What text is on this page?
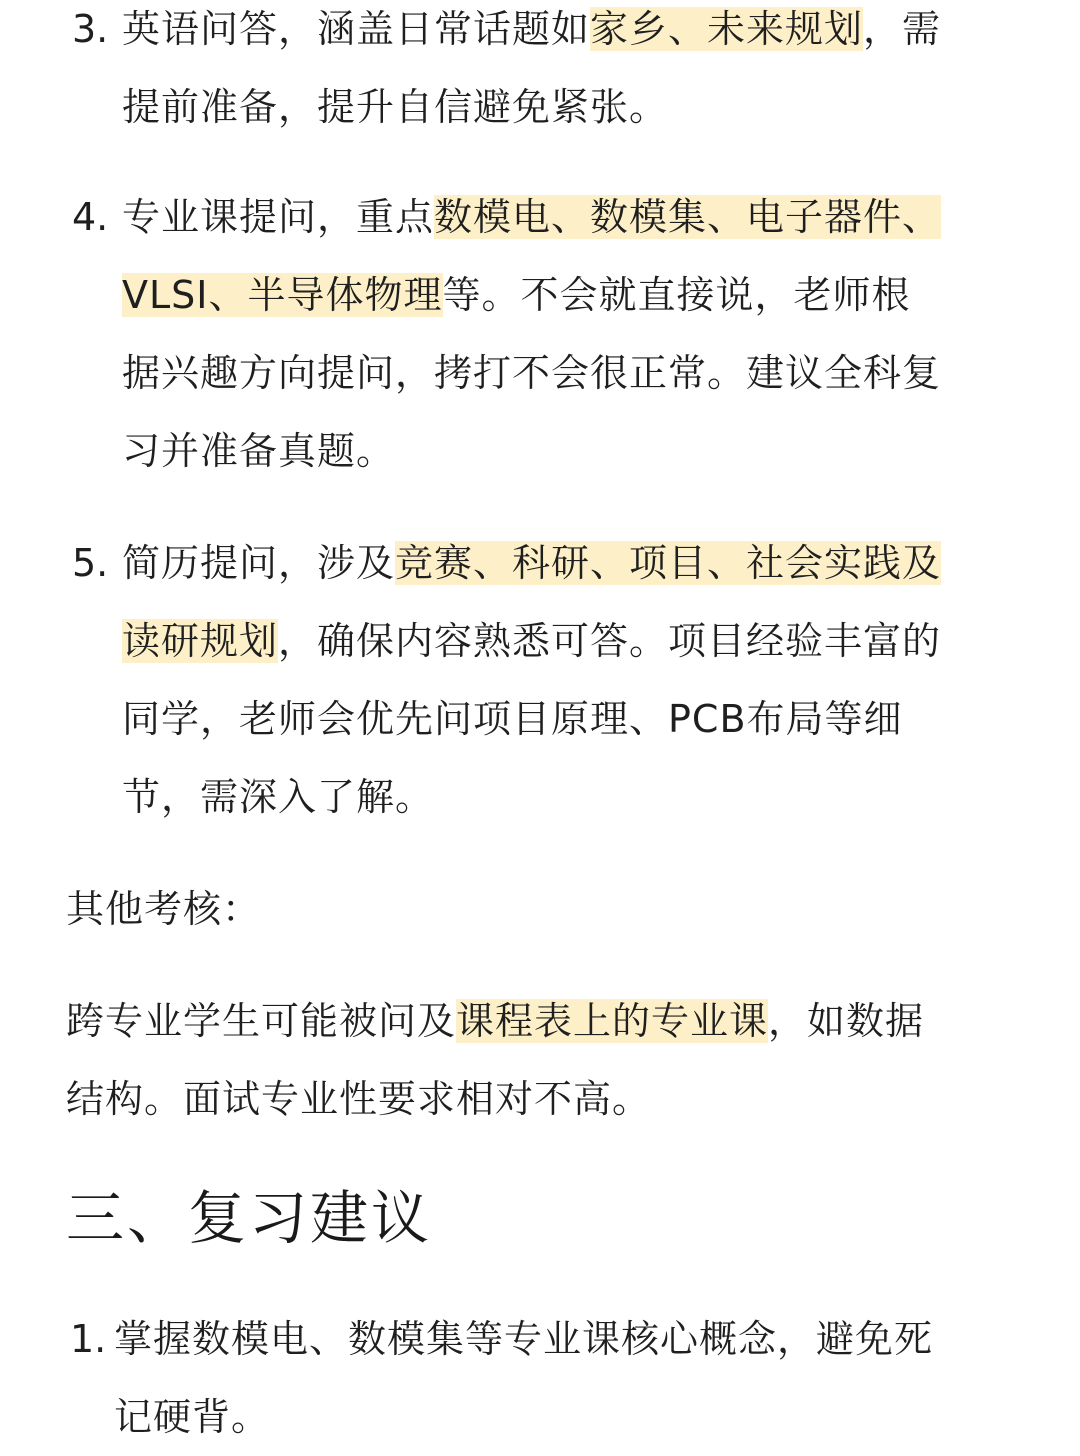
3. 英语问答，涵盖日常话题如家乡、未来规划，需
提前准备，提升自信避免紧张。
4. 专业课提问，重点数模电、数模集、电子器件、
VLSI、半导体物理等。不会就直接说，老师根
据兴趣方向提问，拷打不会很正常。建议全科复
习并准备真题。
5. 简历提问，涉及竞赛、科研、项目、社会实践及
读研规划，确保内容熟悉可答。项目经验丰富的
同学，老师会优先问项目原理、PCB布局等细
节，需深入了解。
其他考核：
跨专业学生可能被问及课程表上的专业课，如数据
结构。面试专业性要求相对不高。
三、复习建议
1. 掌握数模电、数模集等专业课核心概念，避免死
记硬背。
